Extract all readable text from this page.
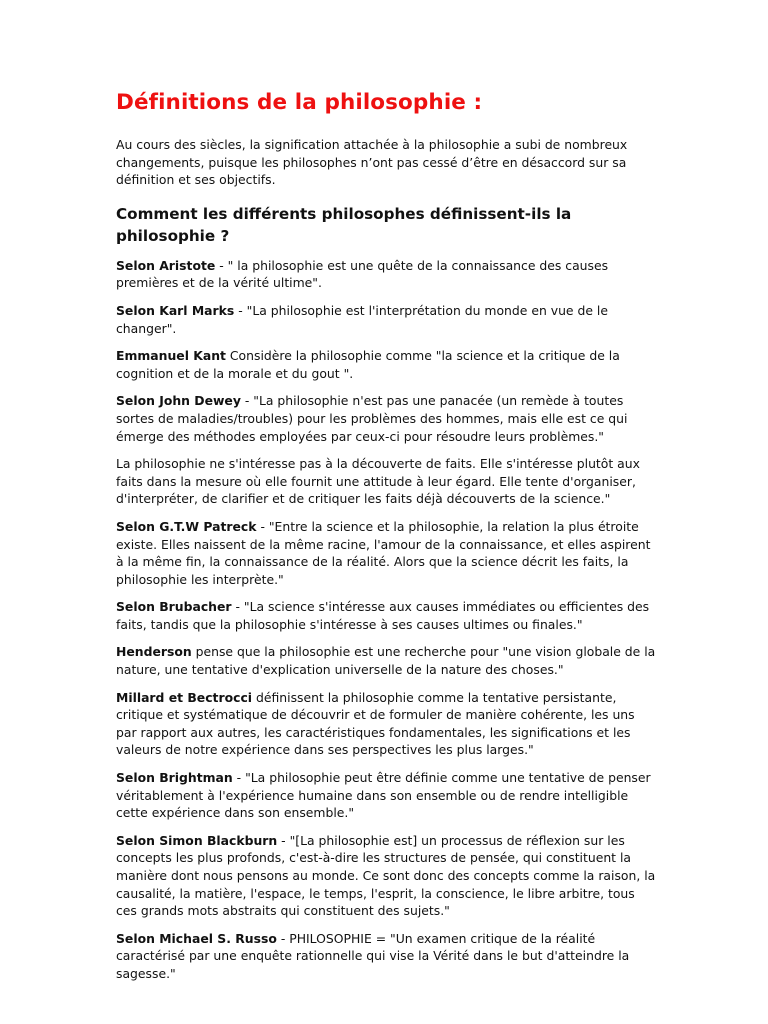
Définitions de la philosophie :

Au cours des siècles, la signification attachée à la philosophie a subi de nombreux changements, puisque les philosophes n’ont pas cessé d’être en désaccord sur sa définition et ses objectifs.

Comment les différents philosophes définissent-ils la philosophie ?

Selon Aristote - " la philosophie est une quête de la connaissance des causes premières et de la vérité ultime".

Selon Karl Marks - "La philosophie est l'interprétation du monde en vue de le changer".

Emmanuel Kant Considère la philosophie comme "la science et la critique de la cognition et de la morale et du gout ".

Selon John Dewey - "La philosophie n'est pas une panacée (un remède à toutes sortes de maladies/troubles) pour les problèmes des hommes, mais elle est ce qui émerge des méthodes employées par ceux-ci pour résoudre leurs problèmes."

La philosophie ne s'intéresse pas à la découverte de faits. Elle s'intéresse plutôt aux faits dans la mesure où elle fournit une attitude à leur égard. Elle tente d'organiser, d'interpréter, de clarifier et de critiquer les faits déjà découverts de la science."

Selon G.T.W Patreck - "Entre la science et la philosophie, la relation la plus étroite existe. Elles naissent de la même racine, l'amour de la connaissance, et elles aspirent à la même fin, la connaissance de la réalité. Alors que la science décrit les faits, la philosophie les interprète."

Selon Brubacher - "La science s'intéresse aux causes immédiates ou efficientes des faits, tandis que la philosophie s'intéresse à ses causes ultimes ou finales."

Henderson pense que la philosophie est une recherche pour "une vision globale de la nature, une tentative d'explication universelle de la nature des choses."

Millard et Bectrocci définissent la philosophie comme la tentative persistante, critique et systématique de découvrir et de formuler de manière cohérente, les uns par rapport aux autres, les caractéristiques fondamentales, les significations et les valeurs de notre expérience dans ses perspectives les plus larges."

Selon Brightman - "La philosophie peut être définie comme une tentative de penser véritablement à l'expérience humaine dans son ensemble ou de rendre intelligible cette expérience dans son ensemble."

Selon Simon Blackburn - "[La philosophie est] un processus de réflexion sur les concepts les plus profonds, c'est-à-dire les structures de pensée, qui constituent la manière dont nous pensons au monde. Ce sont donc des concepts comme la raison, la causalité, la matière, l'espace, le temps, l'esprit, la conscience, le libre arbitre, tous ces grands mots abstraits qui constituent des sujets."

Selon Michael S. Russo - PHILOSOPHIE = "Un examen critique de la réalité caractérisé par une enquête rationnelle qui vise la Vérité dans le but d'atteindre la sagesse."
